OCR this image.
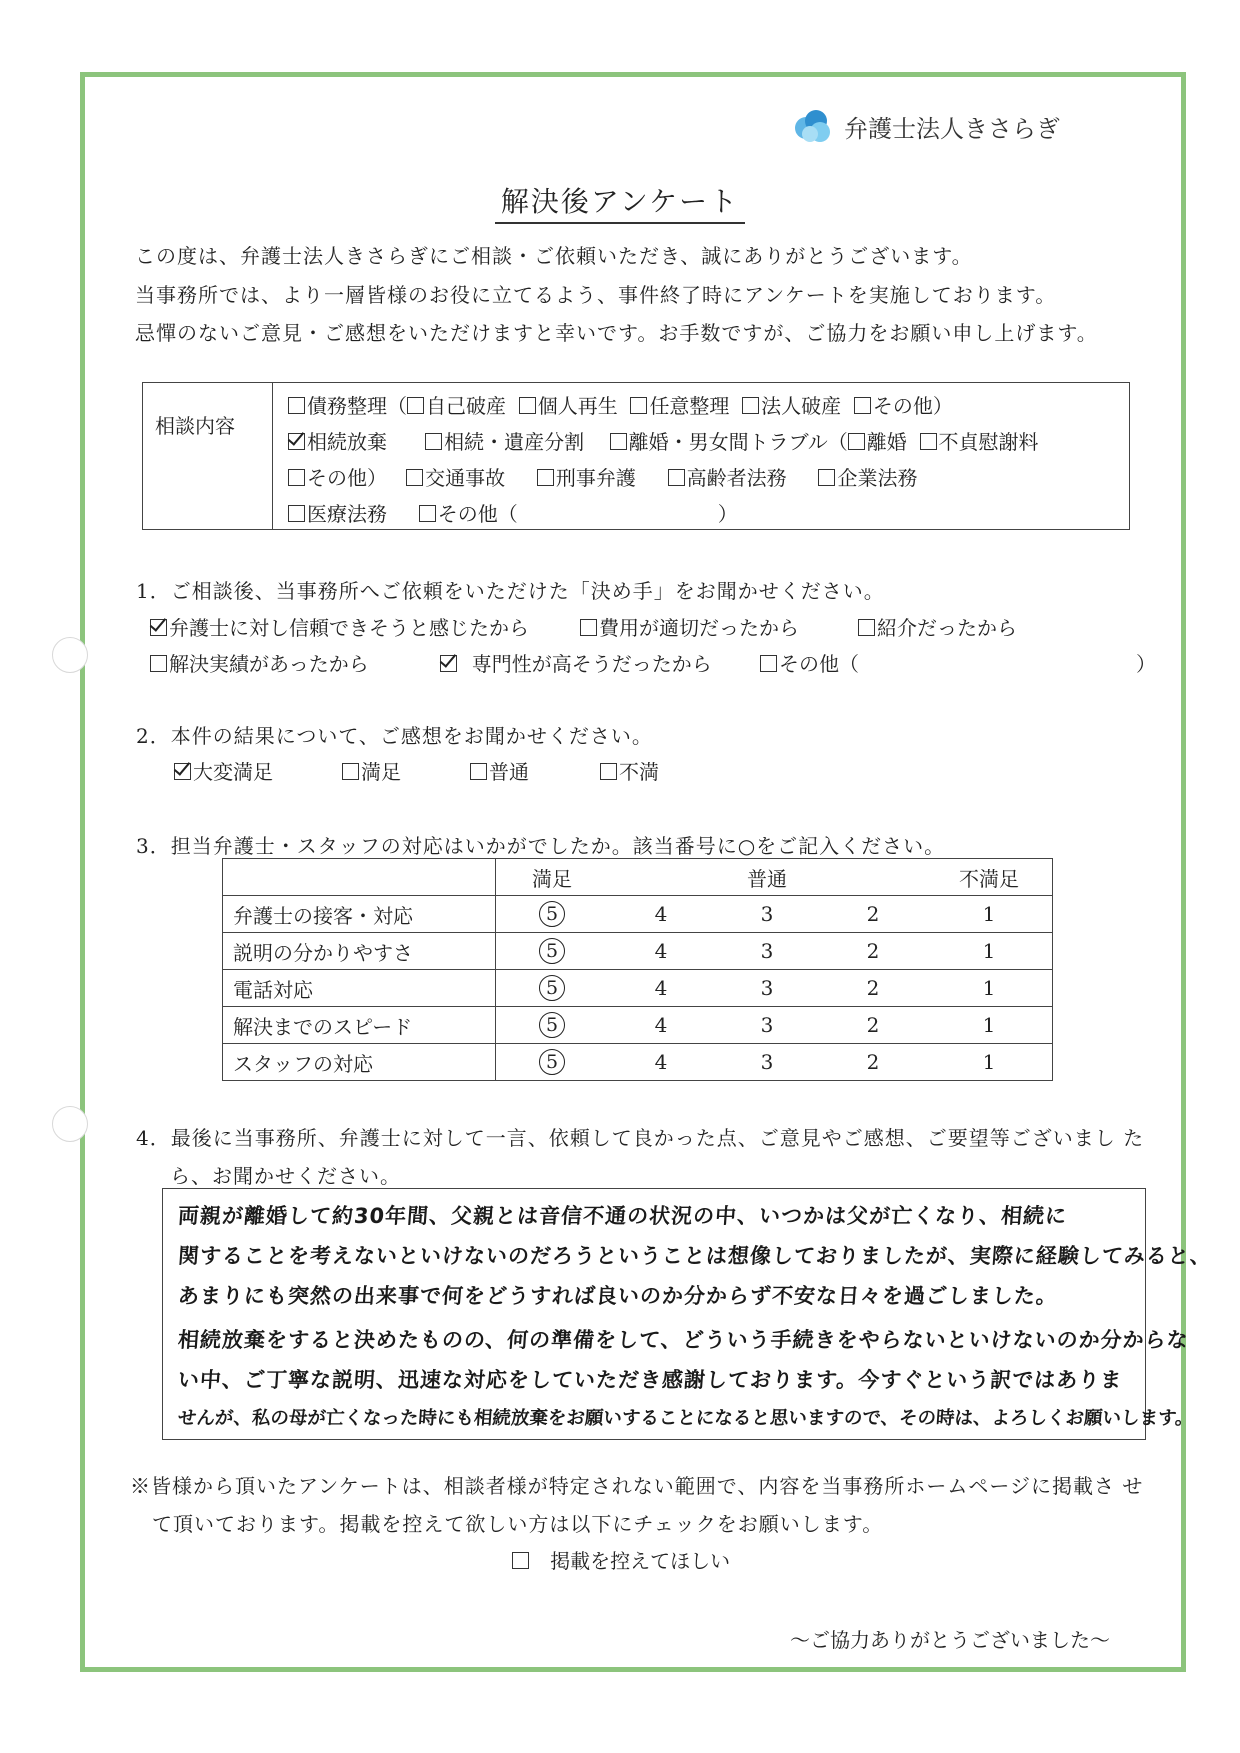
弁護士法人きさらぎ
解決後アンケート
この度は、弁護士法人きさらぎにご相談・ご依頼いただき、誠にありがとうございます。
当事務所では、より一層皆様のお役に立てるよう、事件終了時にアンケートを実施しております。
忌憚のないご意見・ご感想をいただけますと幸いです。お手数ですが、ご協力をお願い申し上げます。
相談内容
債務整理（ 自己破産 個人再生 任意整理 法人破産 その他）
相続放棄	相続・遺産分割 離婚・男女間トラブル（ 離婚 不貞慰謝料
その他） 交通事故	刑事弁護	高齢者法務	企業法務
医療法務	その他（	）
1．ご相談後、当事務所へご依頼をいただけた「決め手」をお聞かせください。
弁護士に対し信頼できそうと感じたから	費用が適切だったから	紹介だったから
解決実績があったから	専門性が高そうだったから	その他（	）
2．本件の結果について、ご感想をお聞かせください。
大変満足	満足	普通	不満
3．担当弁護士・スタッフの対応はいかがでしたか。該当番号に○をご記入ください。
	満足		普通		不満足
弁護士の接客・対応	5	4	3	2	1
説明の分かりやすさ	5	4	3	2	1
電話対応	5	4	3	2	1
解決までのスピード	5	4	3	2	1
スタッフの対応	5	4	3	2	1
4．最後に当事務所、弁護士に対して一言、依頼して良かった点、ご意見やご感想、ご要望等ございまし た
ら、お聞かせください。
両親が離婚して約30年間、父親とは音信不通の状況の中、いつかは父が亡くなり、相続に
関することを考えないといけないのだろうということは想像しておりましたが、実際に経験してみると、
あまりにも突然の出来事で何をどうすれば良いのか分からず不安な日々を過ごしました。
相続放棄をすると決めたものの、何の準備をして、どういう手続きをやらないといけないのか分からな
い中、ご丁寧な説明、迅速な対応をしていただき感謝しております。今すぐという訳ではありま
せんが、私の母が亡くなった時にも相続放棄をお願いすることになると思いますので、その時は、よろしくお願いします。
※皆様から頂いたアンケートは、相談者様が特定されない範囲で、内容を当事務所ホームページに掲載さ せ
て頂いております。掲載を控えて欲しい方は以下にチェックをお願いします。
掲載を控えてほしい
～ご協力ありがとうございました～
